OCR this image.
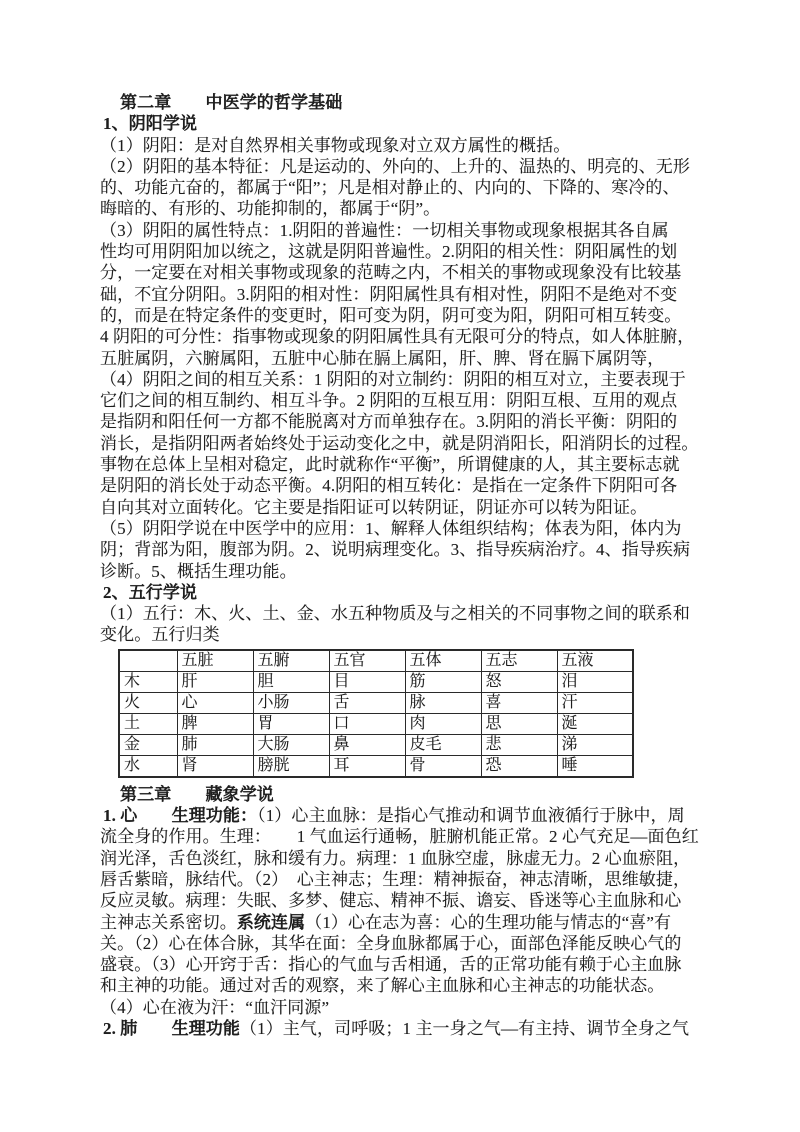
第二章　　中医学的哲学基础
1、阴阳学说
（1）阴阳：是对自然界相关事物或现象对立双方属性的概括。
（2）阴阳的基本特征：凡是运动的、外向的、上升的、温热的、明亮的、无形
的、功能亢奋的，都属于“阳”；凡是相对静止的、内向的、下降的、寒冷的、
晦暗的、有形的、功能抑制的，都属于“阴”。
（3）阴阳的属性特点：1.阴阳的普遍性：一切相关事物或现象根据其各自属
性均可用阴阳加以统之，这就是阴阳普遍性。2.阴阳的相关性：阴阳属性的划
分，一定要在对相关事物或现象的范畴之内，不相关的事物或现象没有比较基
础，不宜分阴阳。3.阴阳的相对性：阴阳属性具有相对性，阴阳不是绝对不变
的，而是在特定条件的变更时，阳可变为阴，阴可变为阳，阴阳可相互转变。
4 阴阳的可分性：指事物或现象的阴阳属性具有无限可分的特点，如人体脏腑，
五脏属阴，六腑属阳，五脏中心肺在膈上属阳，肝、脾、肾在膈下属阴等，
（4）阴阳之间的相互关系：1 阴阳的对立制约：阴阳的相互对立，主要表现于
它们之间的相互制约、相互斗争。2 阴阳的互根互用：阴阳互根、互用的观点
是指阴和阳任何一方都不能脱离对方而单独存在。3.阴阳的消长平衡：阴阳的
消长，是指阴阳两者始终处于运动变化之中，就是阴消阳长，阳消阴长的过程。
事物在总体上呈相对稳定，此时就称作“平衡”，所谓健康的人，其主要标志就
是阴阳的消长处于动态平衡。4.阴阳的相互转化：是指在一定条件下阴阳可各
自向其对立面转化。它主要是指阳证可以转阴证，阴证亦可以转为阳证。
（5）阴阳学说在中医学中的应用：1、解释人体组织结构；体表为阳，体内为
阴；背部为阳，腹部为阴。2、说明病理变化。3、指导疾病治疗。4、指导疾病
诊断。5、概括生理功能。
2、五行学说
（1）五行：木、火、土、金、水五种物质及与之相关的不同事物之间的联系和
变化。五行归类
	五脏	五腑	五官	五体	五志	五液
木	肝	胆	目	筋	怒	泪
火	心	小肠	舌	脉	喜	汗
土	脾	胃	口	肉	思	涎
金	肺	大肠	鼻	皮毛	悲	涕
水	肾	膀胱	耳	骨	恐	唾
第三章　　藏象学说
1. 心　　生理功能：（1）心主血脉：是指心气推动和调节血液循行于脉中，周
流全身的作用。生理：　　1 气血运行通畅，脏腑机能正常。2 心气充足—面色红
润光泽，舌色淡红，脉和缓有力。病理：1 血脉空虚，脉虚无力。2 心血瘀阻，
唇舌紫暗，脉结代。（2）　心主神志；生理：精神振奋，神志清晰，思维敏捷，
反应灵敏。病理：失眠、多梦、健忘、精神不振、谵妄、昏迷等心主血脉和心
主神志关系密切。系统连属（1）心在志为喜：心的生理功能与情志的“喜”有
关。（2）心在体合脉，其华在面：全身血脉都属于心，面部色泽能反映心气的
盛衰。（3）心开窍于舌：指心的气血与舌相通，舌的正常功能有赖于心主血脉
和主神的功能。通过对舌的观察，来了解心主血脉和心主神志的功能状态。
（4）心在液为汗：“血汗同源”
2. 肺　　生理功能（1）主气，司呼吸；1 主一身之气—有主持、调节全身之气
